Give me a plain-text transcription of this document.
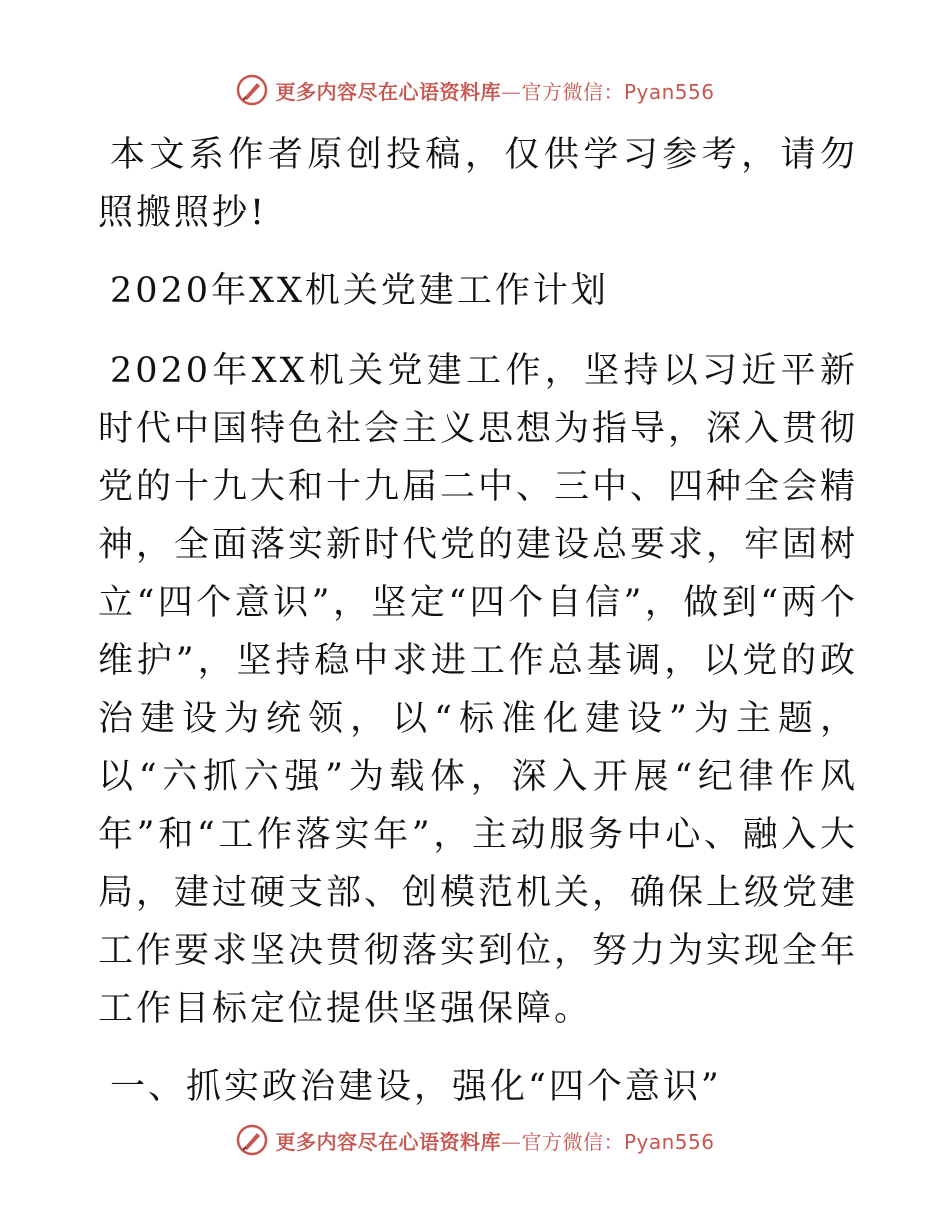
更多内容尽在心语资料库—官方微信：Pyan556

本文系作者原创投稿，仅供学习参考，请勿照搬照抄!

2020年XX机关党建工作计划

2020年XX机关党建工作，坚持以习近平新时代中国特色社会主义思想为指导，深入贯彻党的十九大和十九届二中、三中、四种全会精神，全面落实新时代党的建设总要求，牢固树立“四个意识”，坚定“四个自信”，做到“两个维护”，坚持稳中求进工作总基调，以党的政治建设为统领，以“标准化建设”为主题，以“六抓六强”为载体，深入开展“纪律作风年”和“工作落实年”，主动服务中心、融入大局，建过硬支部、创模范机关，确保上级党建工作要求坚决贯彻落实到位，努力为实现全年工作目标定位提供坚强保障。

一、抓实政治建设，强化“四个意识”

更多内容尽在心语资料库—官方微信：Pyan556
